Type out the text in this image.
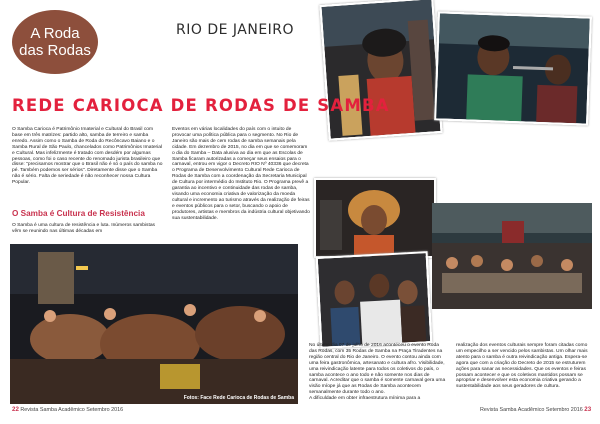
A Roda
das Rodas
RIO DE JANEIRO
REDE CARIOCA DE RODAS DE SAMBA

O Samba Carioca é Patrimônio Imaterial e Cultural do Brasil com base em três matrizes: partido alto, samba de terreiro e samba enredo. Assim como o Samba de Roda do Recôncavo Baiano e o Samba Rural de São Paulo, chancelados como Patrimônios Imaterial e Cultural. Mas infelizmente é tratado com desdém por algumas pessoas, como foi o caso recente do renomado jurista brasileiro que disse: "precisamos mostrar que o Brasil não é só o país do samba no pé. Também podemos ser sérios". Diretamente disse que o Samba não é sério. Falta de seriedade é não reconhecer nossa Cultura Popular.

O Samba é Cultura de Resistência

O Samba é uma cultura de resistência e luta. Inúmeros sambistas vêm se reunindo nas últimas décadas em

Eventos em várias localidades do país com o intuito de provocar uma política pública para o segmento. No Rio de Janeiro são mais de cem rodas de samba semanais pela cidade. Em dezembro de 2015, no dia em que se comemoram o dia do Samba – Data alusiva ao dia em que as Escolas de Samba ficaram autorizadas a começar seus ensaios para o carnaval, entrou em vigor o Decreto RIO Nº 40336 que decreta o Programa de Desenvolvimento Cultural Rede Carioca de Rodas de Samba com a coordenação da Secretaria Municipal de Cultura por intermédio do Instituto Rio. O Programa prevê a garantia ao incentivo e continuidade das rodas de samba, visando uma economia criativa de valorização da moeda cultural e incremento ao turismo através da realização de feiras e eventos públicos para o setor, buscando o apoio de produtores, artistas e membros da indústria cultural objetivando sua sustentabilidade.

Fotos: Face Rede Carioca de Rodas de Samba
22 Revista Samba Acadêmico Setembro 2016

No último dia 07 de julho de 2016 aconteceu o evento Roda das Rodas, com 35 Rodas de Samba na Praça Tiradentes na região central do Rio de Janeiro. O evento contou ainda com uma feira gastronômica, artesanato e cultura afro. Visibilidade, uma reivindicação latente para todos os coletivos do país, o samba acontece o ano todo e não somente nos dias de carnaval. Acreditar que o samba é somente carnaval gera uma visão míope já que as Rodas de Samba acontecem semanalmente durante todo o ano.

A dificuldade em obter infraestrutura mínima para a

realização dos eventos culturais sempre foram citadas como um empecilho a ser vencido pelos sambistas. Um olhar mais atento para o samba é outra reivindicação antiga. Espera-se agora que com a criação do Decreto de 2015 se estruturem ações para sanar as necessidades. Que os eventos e feiras possam acontecer e que os coletivos mantidos possam se apropriar e desenvolver esta economia criativa gerando a sustentabilidade aos seus geradores de cultura.

Revista Samba Acadêmico Setembro 2016 23
